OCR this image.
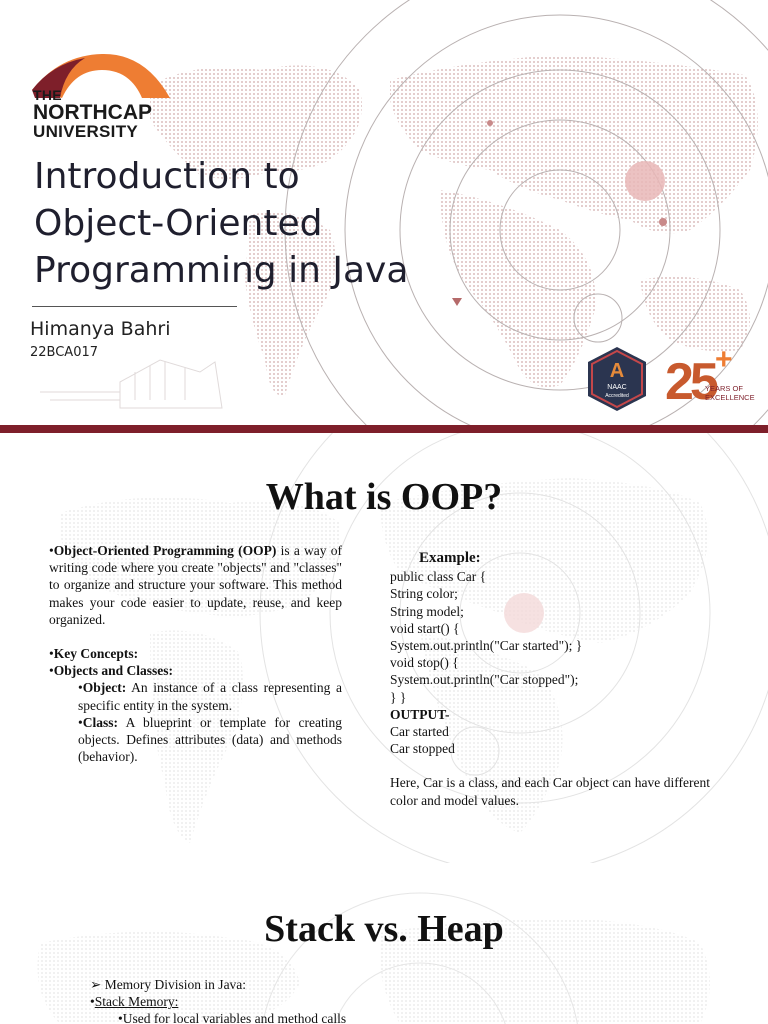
THE
NORTHCAP
UNIVERSITY
Introduction to
Object-Oriented
Programming in Java
Himanya Bahri
22BCA017
A
NAAC
Accredited 25 +
YEARS OF
EXCELLENCE
What is OOP?

•Object-Oriented Programming (OOP) is a way of writing code where you create "objects" and "classes" to organize and structure your software. This method makes your code easier to update, reuse, and keep organized.

•Key Concepts:

•Objects and Classes:

•Object: An instance of a class representing a specific entity in the system.

•Class: A blueprint or template for creating objects. Defines attributes (data) and methods (behavior).

Example:
public class Car {
String color;
String model;
void start() {
System.out.println("Car started"); }
void stop() {
System.out.println("Car stopped");
} }
OUTPUT-
Car started
Car stopped

Here, Car is a class, and each Car object can have different color and model values.

Stack vs. Heap
➢ Memory Division in Java:
•Stack Memory:
•Used for local variables and method calls
